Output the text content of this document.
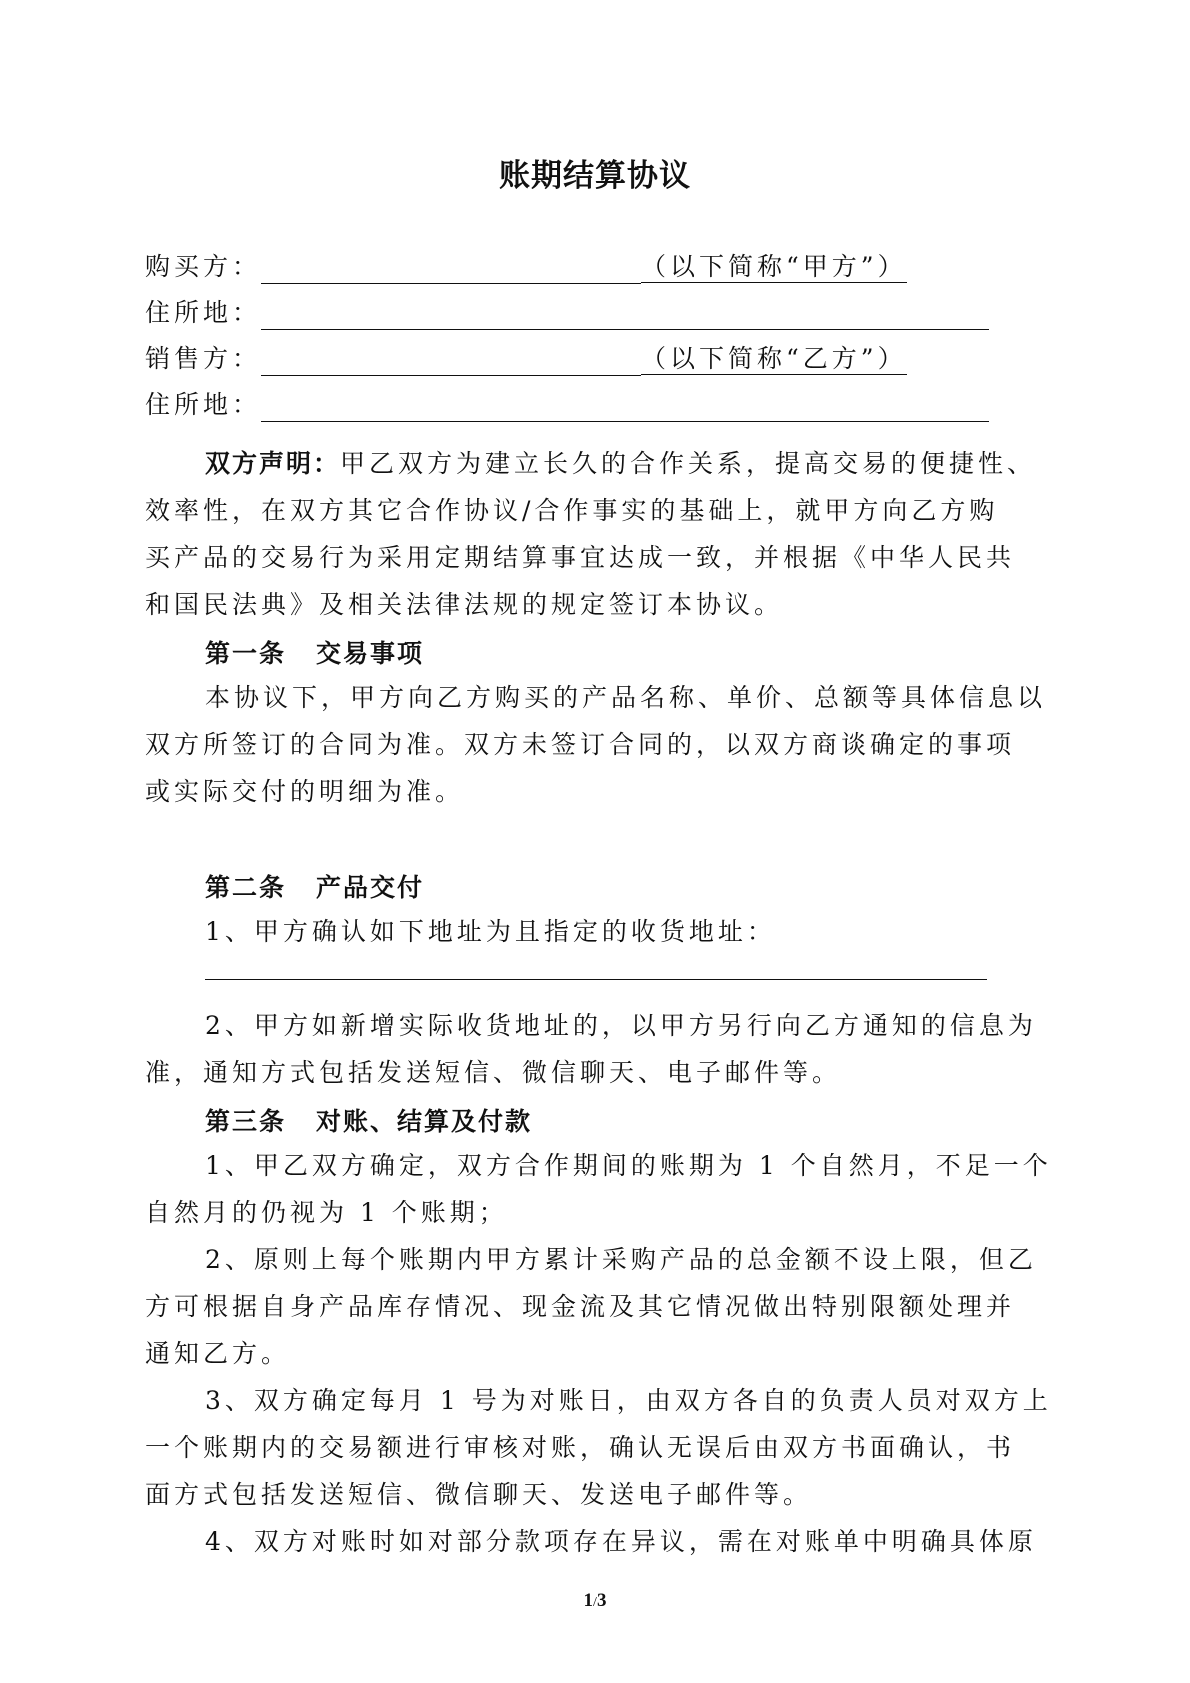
账期结算协议
购买方：	（以下简称“甲方”）
住所地：
销售方：	（以下简称“乙方”）
住所地：
双方声明：甲乙双方为建立长久的合作关系，提高交易的便捷性、
效率性，在双方其它合作协议/合作事实的基础上，就甲方向乙方购
买产品的交易行为采用定期结算事宜达成一致，并根据《中华人民共
和国民法典》及相关法律法规的规定签订本协议。
第一条 交易事项
本协议下，甲方向乙方购买的产品名称、单价、总额等具体信息以
双方所签订的合同为准。双方未签订合同的，以双方商谈确定的事项
或实际交付的明细为准。
第二条 产品交付
1、甲方确认如下地址为且指定的收货地址：
2、甲方如新增实际收货地址的，以甲方另行向乙方通知的信息为
准，通知方式包括发送短信、微信聊天、电子邮件等。
第三条 对账、结算及付款
1、甲乙双方确定，双方合作期间的账期为 1 个自然月，不足一个
自然月的仍视为 1 个账期；
2、原则上每个账期内甲方累计采购产品的总金额不设上限，但乙
方可根据自身产品库存情况、现金流及其它情况做出特别限额处理并
通知乙方。
3、双方确定每月 1 号为对账日，由双方各自的负责人员对双方上
一个账期内的交易额进行审核对账，确认无误后由双方书面确认，书
面方式包括发送短信、微信聊天、发送电子邮件等。
4、双方对账时如对部分款项存在异议，需在对账单中明确具体原
1/3
